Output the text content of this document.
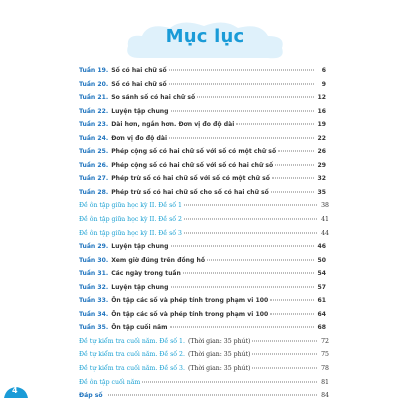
Mục lục
Tuần 19. Số có hai chữ số	6
Tuần 20. Số có hai chữ số	9
Tuần 21. So sánh số có hai chữ số	12
Tuần 22. Luyện tập chung	16
Tuần 23. Dài hơn, ngắn hơn. Đơn vị đo độ dài	19
Tuần 24. Đơn vị đo độ dài	22
Tuần 25. Phép cộng số có hai chữ số với số có một chữ số	26
Tuần 26. Phép cộng số có hai chữ số với số có hai chữ số	29
Tuần 27. Phép trừ số có hai chữ số với số có một chữ số	32
Tuần 28. Phép trừ số có hai chữ số cho số có hai chữ số	35
Đề ôn tập giữa học kỳ II. Đề số 1	38
Đề ôn tập giữa học kỳ II. Đề số 2	41
Đề ôn tập giữa học kỳ II. Đề số 3	44
Tuần 29. Luyện tập chung	46
Tuần 30. Xem giờ đúng trên đồng hồ	50
Tuần 31. Các ngày trong tuần	54
Tuần 32. Luyện tập chung	57
Tuần 33. Ôn tập các số và phép tính trong phạm vi 100	61
Tuần 34. Ôn tập các số và phép tính trong phạm vi 100	64
Tuần 35. Ôn tập cuối năm	68
Đề tự kiểm tra cuối năm. Đề số 1. (Thời gian: 35 phút)	72
Đề tự kiểm tra cuối năm. Đề số 2. (Thời gian: 35 phút)	75
Đề tự kiểm tra cuối năm. Đề số 3. (Thời gian: 35 phút)	78
Đề ôn tập cuối năm	81
Đáp số	84
4
